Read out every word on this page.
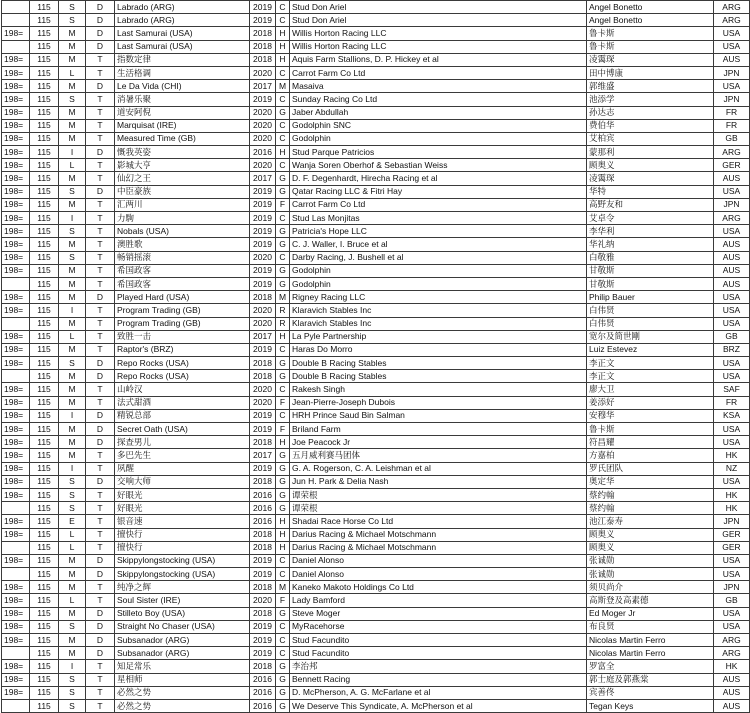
	115	S	D	Labrado (ARG)	2019	C	Stud Don Ariel	Angel Bonetto	ARG
	115	S	D	Labrado (ARG)	2019	C	Stud Don Ariel	Angel Bonetto	ARG
198=	115	M	D	Last Samurai (USA)	2018	H	Willis Horton Racing LLC	鲁卡斯	USA
	115	M	D	Last Samurai (USA)	2018	H	Willis Horton Racing LLC	鲁卡斯	USA
198=	115	M	T	指数定律	2018	H	Aquis Farm Stallions, D. P. Hickey et al	凌霭琛	AUS
198=	115	L	T	生活格调	2020	C	Carrot Farm Co Ltd	田中博康	JPN
198=	115	M	D	Le Da Vida (CHI)	2017	M	Masaiva	郭维盛	USA
198=	115	S	T	消暑乐聚	2019	C	Sunday Racing Co Ltd	池添学	JPN
198=	115	M	T	道安阿倪	2020	G	Jaber Abdullah	孙达志	FR
198=	115	M	T	Marquisat (IRE)	2020	C	Godolphin SNC	费伯华	FR
198=	115	M	T	Measured Time (GB)	2020	C	Godolphin	艾柏宾	GB
198=	115	I	D	慨我英姿	2016	H	Stud Parque Patricios	蒙那利	ARG
198=	115	L	T	影城大亨	2020	C	Wanja Soren Oberhof & Sebastian Weiss	顾奥义	GER
198=	115	M	T	仙幻之王	2017	G	D. F. Degenhardt, Hirecha Racing et al	凌霭琛	AUS
198=	115	S	D	中臣豪族	2019	G	Qatar Racing LLC & Fitri Hay	华特	USA
198=	115	M	T	汇两川	2019	F	Carrot Farm Co Ltd	高野友和	JPN
198=	115	I	T	力駒	2019	C	Stud Las Monjitas	艾卓令	ARG
198=	115	S	T	Nobals (USA)	2019	G	Patricia's Hope LLC	李华利	USA
198=	115	M	T	澳胜歌	2019	G	C. J. Waller, I. Bruce et al	华礼纳	AUS
198=	115	S	T	畅销摇滚	2020	C	Darby Racing, J. Bushell et al	白敬雅	AUS
198=	115	M	T	希国政客	2019	G	Godolphin	甘敬斯	AUS
	115	M	T	希国政客	2019	G	Godolphin	甘敬斯	AUS
198=	115	M	D	Played Hard (USA)	2018	M	Rigney Racing LLC	Philip Bauer	USA
198=	115	I	T	Program Trading (GB)	2020	R	Klaravich Stables Inc	白伟贤	USA
	115	M	T	Program Trading (GB)	2020	R	Klaravich Stables Inc	白伟贤	USA
198=	115	L	T	致胜一击	2017	H	La Pyle Partnership	宽尔及简世剛	GB
198=	115	M	T	Raptor's (BRZ)	2019	C	Haras Do Morro	Luiz Estevez	BRZ
198=	115	S	D	Repo Rocks (USA)	2018	G	Double B Racing Stables	李正文	USA
	115	M	D	Repo Rocks (USA)	2018	G	Double B Racing Stables	李正文	USA
198=	115	M	T	山岭汉	2020	C	Rakesh Singh	廖大卫	SAF
198=	115	M	T	法式甜酒	2020	F	Jean-Pierre-Joseph Dubois	姜添好	FR
198=	115	I	D	精锐总部	2019	C	HRH Prince Saud Bin Salman	安穆华	KSA
198=	115	M	D	Secret Oath (USA)	2019	F	Briland Farm	鲁卡斯	USA
198=	115	M	D	探查男儿	2018	H	Joe Peacock Jr	符昌耀	USA
198=	115	M	T	多巴先生	2017	G	五月威利赛马团体	方嘉柏	HK
198=	115	I	T	夙醒	2019	G	G. A. Rogerson, C. A. Leishman et al	罗氏团队	NZ
198=	115	S	D	交响大师	2018	G	Jun H. Park & Delia Nash	奥定华	USA
198=	115	S	T	好眼光	2016	G	谭荣根	蔡约翰	HK
	115	S	T	好眼光	2016	G	谭荣根	蔡约翰	HK
198=	115	E	T	银音速	2016	H	Shadai Race Horse Co Ltd	池江泰寿	JPN
198=	115	L	T	擅快行	2018	H	Darius Racing & Michael Motschmann	顾奥义	GER
	115	L	T	擅快行	2018	H	Darius Racing & Michael Motschmann	顾奥义	GER
198=	115	M	D	Skippylongstocking (USA)	2019	C	Daniel Alonso	张诚勋	USA
	115	M	D	Skippylongstocking (USA)	2019	C	Daniel Alonso	张诚勋	USA
198=	115	M	T	纯净之辉	2018	M	Kaneko Makoto Holdings Co Ltd	须贝尚介	JPN
198=	115	L	T	Soul Sister (IRE)	2020	F	Lady Bamford	高斯登及高素德	GB
198=	115	M	D	Stilleto Boy (USA)	2018	G	Steve Moger	Ed Moger Jr	USA
198=	115	S	D	Straight No Chaser (USA)	2019	C	MyRacehorse	布良贤	USA
198=	115	M	D	Subsanador (ARG)	2019	C	Stud Facundito	Nicolas Martin Ferro	ARG
	115	M	D	Subsanador (ARG)	2019	C	Stud Facundito	Nicolas Martin Ferro	ARG
198=	115	I	T	知足常乐	2018	G	李治邦	罗富全	HK
198=	115	S	T	星相师	2016	G	Bennett Racing	郭士庭及郭燕棠	AUS
198=	115	S	T	必然之势	2016	G	D. McPherson, A. G. McFarlane et al	宾善佟	AUS
	115	S	T	必然之势	2016	G	We Deserve This Syndicate, A. McPherson et al	Tegan Keys	AUS
